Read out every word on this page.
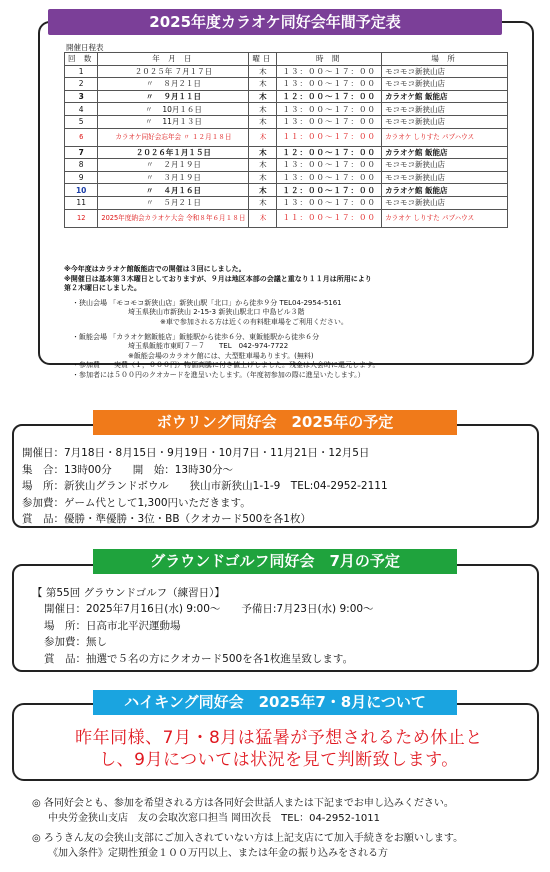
2025年度カラオケ同好会年間予定表
開催日程表
回 数	年 月 日	曜日	時 間	場 所
1	２０２５年 ７月１７日	木	１３：００～１７：００	モコモコ新狭山店
2	〃　 ８月２１日	木	１３：００～１７：００	モコモコ新狭山店
3	〃　 ９月１１日	木	１２：００～１７：００	カラオケ館 飯能店
4	〃　 10月１６日	木	１３：００～１７：００	モコモコ新狭山店
5	〃　 11月１３日	木	１３：００～１７：００	モコモコ新狭山店
6	カラオケ同好会忘年会 〃 １２月１８日	木	１１：００～１７：００	カラオケ しりすた パブハウス
7	２０２６年１月１５日	木	１２：００～１７：００	カラオケ館 飯能店
8	〃　 ２月１９日	木	１３：００～１７：００	モコモコ新狭山店
9	〃　 ３月１９日	木	１３：００～１７：００	モコモコ新狭山店
10	〃　 ４月１６日	木	１２：００～１７：００	カラオケ館 飯能店
11	〃　 ５月２１日	木	１３：００～１７：００	モコモコ新狭山店
12	2025年度納会カラオケ大会 令和８年６月１８日	木	１１：００～１７：００	カラオケ しりすた パブハウス

※今年度はカラオケ館飯能店での開催は３回にしました。

※開催日は基本第３木曜日としておりますが、９月は地区本部の会議と重なり１１月は所用により

第２木曜日にしました。

・狭山会場 「モコモコ新狭山店」新狭山駅「北口」から徒歩９分 TEL04-2954-5161

埼玉県狭山市新狭山 2-15-3 新狭山駅北口 中島ビル３階

※車で参加される方は近くの有料駐車場をご利用ください。

・飯能会場 「カラオケ館飯能店」飯能駅から徒歩６分、東飯能駅から徒歩６分

埼玉県飯能市東町７－７　　TEL　042-974-7722

※飯能会場のカラオケ館には、大型駐車場あります。(無料)

・参加費　　実費（１，０００円）物価高騰に付き値上げしました。残金は大会時に還元します。

・参加者には５００円のクオカードを進呈いたします。（年度初参加の際に進呈いたします。）

ボウリング同好会　2025年の予定

開催日：7月18日・8月15日・9月19日・10月7日・11月21日・12月5日

集　合：13時00分　　開　始：13時30分～

場　所：新狭山グランドボウル　　狭山市新狭山1-1-9　TEL:04-2952-2111

参加費：ゲーム代として1,300円いただきます。

賞　品：優勝・準優勝・3位・BB（クオカード500を各1枚）

グラウンドゴルフ同好会　7月の予定

【 第55回 グラウンドゴルフ（練習日）】

開催日：2025年7月16日(水) 9:00～　　予備日:7月23日(水) 9:00～

場　所：日高市北平沢運動場

参加費：無し

賞　品：抽選で５名の方にクオカード500を各1枚進呈致します。

ハイキング同好会　2025年7・8月について

昨年同様、7月・8月は猛暑が予想されるため休止と

し、9月については状況を見て判断致します。

◎ 各同好会とも、参加を希望される方は各同好会世話人または下記までお申し込みください。

中央労金狭山支店　友の会取次窓口担当 岡田次長　TEL：04-2952-1011

◎ ろうきん友の会狭山支部にご加入されていない方は上記支店にて加入手続きをお願いします。

《加入条件》定期性預金１００万円以上、または年金の振り込みをされる方
